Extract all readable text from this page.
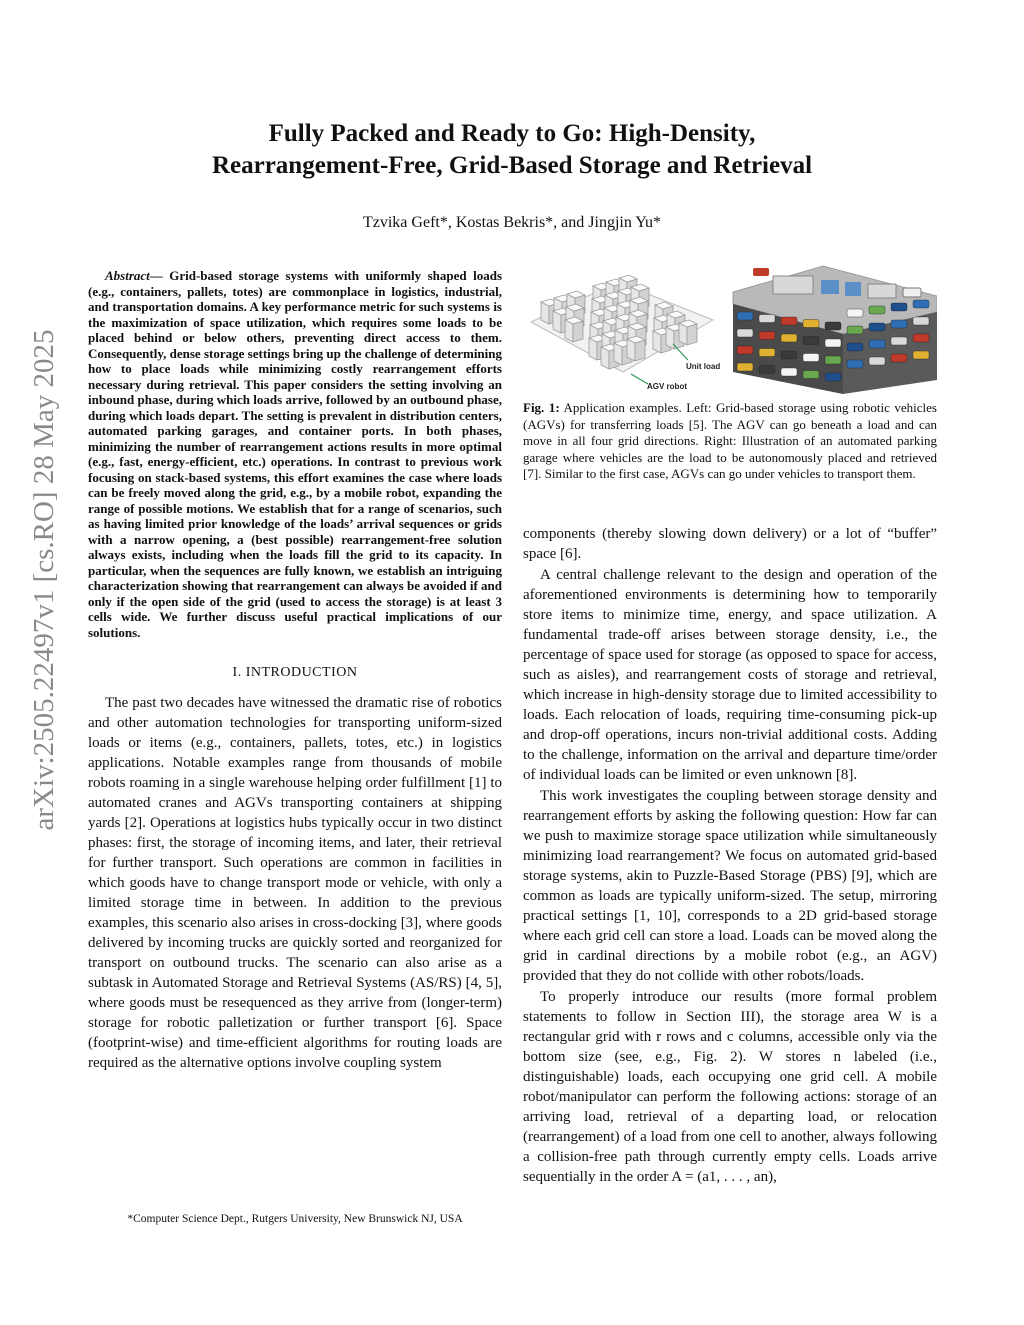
Fully Packed and Ready to Go: High-Density,
Rearrangement-Free, Grid-Based Storage and Retrieval
Tzvika Geft*, Kostas Bekris*, and Jingjin Yu*
arXiv:2505.22497v1 [cs.RO] 28 May 2025

Abstract— Grid-based storage systems with uniformly shaped loads (e.g., containers, pallets, totes) are commonplace in logistics, industrial, and transportation domains. A key performance metric for such systems is the maximization of space utilization, which requires some loads to be placed behind or below others, preventing direct access to them. Consequently, dense storage settings bring up the challenge of determining how to place loads while minimizing costly rearrangement efforts necessary during retrieval. This paper considers the setting involving an inbound phase, during which loads arrive, followed by an outbound phase, during which loads depart. The setting is prevalent in distribution centers, automated parking garages, and container ports. In both phases, minimizing the number of rearrangement actions results in more optimal (e.g., fast, energy-efficient, etc.) operations. In contrast to previous work focusing on stack-based systems, this effort examines the case where loads can be freely moved along the grid, e.g., by a mobile robot, expanding the range of possible motions. We establish that for a range of scenarios, such as having limited prior knowledge of the loads’ arrival sequences or grids with a narrow opening, a (best possible) rearrangement-free solution always exists, including when the loads fill the grid to its capacity. In particular, when the sequences are fully known, we establish an intriguing characterization showing that rearrangement can always be avoided if and only if the open side of the grid (used to access the storage) is at least 3 cells wide. We further discuss useful practical implications of our solutions.

I. INTRODUCTION

The past two decades have witnessed the dramatic rise of robotics and other automation technologies for transporting uniform-sized loads or items (e.g., containers, pallets, totes, etc.) in logistics applications. Notable examples range from thousands of mobile robots roaming in a single warehouse helping order fulfillment [1] to automated cranes and AGVs transporting containers at shipping yards [2]. Operations at logistics hubs typically occur in two distinct phases: first, the storage of incoming items, and later, their retrieval for further transport. Such operations are common in facilities in which goods have to change transport mode or vehicle, with only a limited storage time in between. In addition to the previous examples, this scenario also arises in cross-docking [3], where goods delivered by incoming trucks are quickly sorted and reorganized for transport on outbound trucks. The scenario can also arise as a subtask in Automated Storage and Retrieval Systems (AS/RS) [4, 5], where goods must be resequenced as they arrive from (longer-term) storage for robotic palletization or further transport [6]. Space (footprint-wise) and time-efficient algorithms for routing loads are required as the alternative options involve coupling system

*Computer Science Dept., Rutgers University, New Brunswick NJ, USA
Unit load
AGV robot
Fig. 1: Application examples. Left: Grid-based storage using robotic vehicles (AGVs) for transferring loads [5]. The AGV can go beneath a load and can move in all four grid directions. Right: Illustration of an automated parking garage where vehicles are the load to be autonomously placed and retrieved [7]. Similar to the first case, AGVs can go under vehicles to transport them.

components (thereby slowing down delivery) or a lot of “buffer” space [6].

A central challenge relevant to the design and operation of the aforementioned environments is determining how to temporarily store items to minimize time, energy, and space utilization. A fundamental trade-off arises between storage density, i.e., the percentage of space used for storage (as opposed to space for access, such as aisles), and rearrangement costs of storage and retrieval, which increase in high-density storage due to limited accessibility to loads. Each relocation of loads, requiring time-consuming pick-up and drop-off operations, incurs non-trivial additional costs. Adding to the challenge, information on the arrival and departure time/order of individual loads can be limited or even unknown [8].

This work investigates the coupling between storage density and rearrangement efforts by asking the following question: How far can we push to maximize storage space utilization while simultaneously minimizing load rearrangement? We focus on automated grid-based storage systems, akin to Puzzle-Based Storage (PBS) [9], which are common as loads are typically uniform-sized. The setup, mirroring practical settings [1, 10], corresponds to a 2D grid-based storage where each grid cell can store a load. Loads can be moved along the grid in cardinal directions by a mobile robot (e.g., an AGV) provided that they do not collide with other robots/loads.

To properly introduce our results (more formal problem statements to follow in Section III), the storage area W is a rectangular grid with r rows and c columns, accessible only via the bottom size (see, e.g., Fig. 2). W stores n labeled (i.e., distinguishable) loads, each occupying one grid cell. A mobile robot/manipulator can perform the following actions: storage of an arriving load, retrieval of a departing load, or relocation (rearrangement) of a load from one cell to another, always following a collision-free path through currently empty cells. Loads arrive sequentially in the order A = (a1, . . . , an),
